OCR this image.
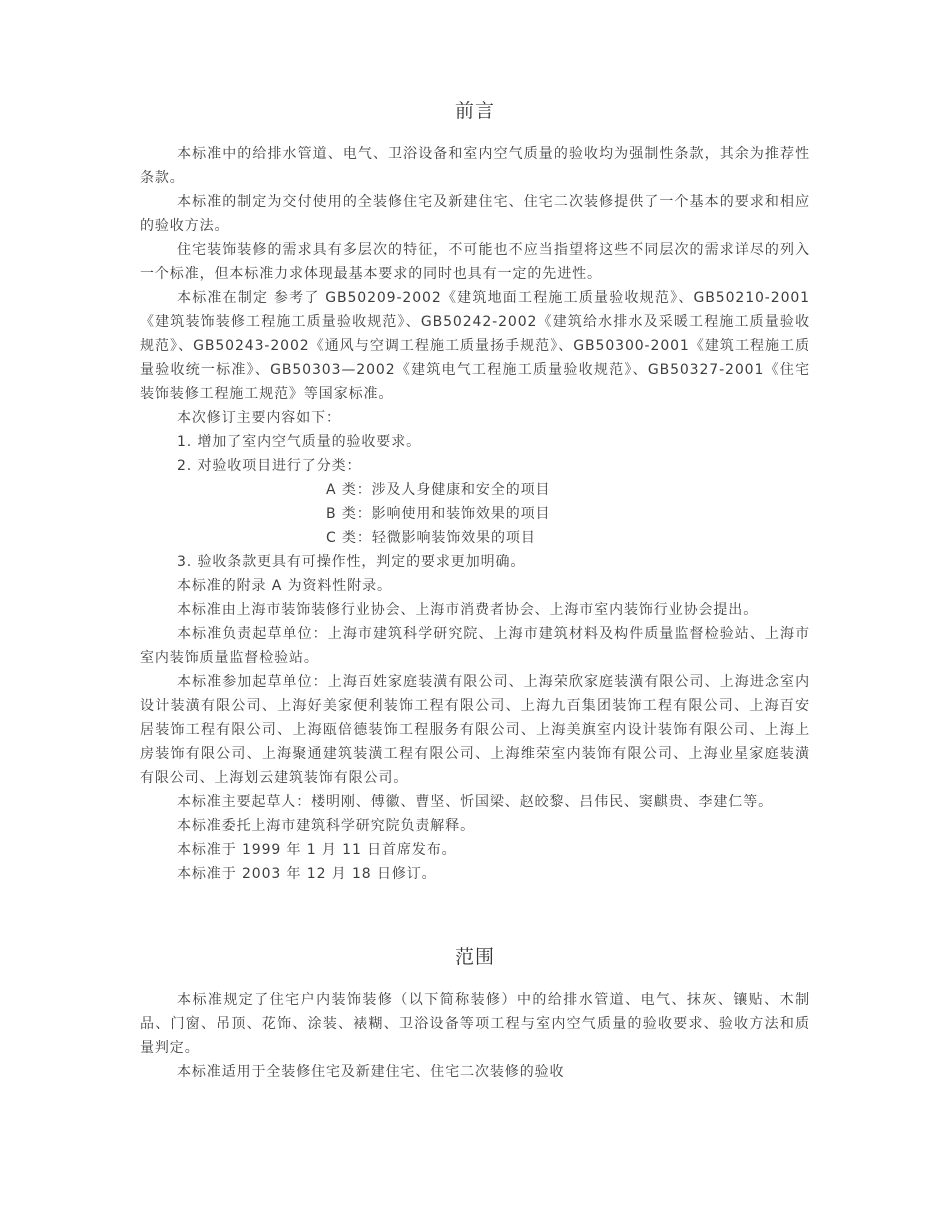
前言

本标准中的给排水管道、电气、卫浴设备和室内空气质量的验收均为强制性条款，其余为推荐性条款。

本标准的制定为交付使用的全装修住宅及新建住宅、住宅二次装修提供了一个基本的要求和相应的验收方法。

住宅装饰装修的需求具有多层次的特征，不可能也不应当指望将这些不同层次的需求详尽的列入一个标准，但本标准力求体现最基本要求的同时也具有一定的先进性。

本标准在制定 参考了 GB50209-2002《建筑地面工程施工质量验收规范》、GB50210-2001《建筑装饰装修工程施工质量验收规范》、GB50242-2002《建筑给水排水及采暖工程施工质量验收规范》、GB50243-2002《通风与空调工程施工质量扬手规范》、GB50300-2001《建筑工程施工质量验收统一标准》、GB50303—2002《建筑电气工程施工质量验收规范》、GB50327-2001《住宅装饰装修工程施工规范》等国家标准。

本次修订主要内容如下：

1. 增加了室内空气质量的验收要求。

2. 对验收项目进行了分类：

A 类：涉及人身健康和安全的项目

B 类：影响使用和装饰效果的项目

C 类：轻微影响装饰效果的项目

3. 验收条款更具有可操作性，判定的要求更加明确。

本标准的附录 A 为资料性附录。

本标准由上海市装饰装修行业协会、上海市消费者协会、上海市室内装饰行业协会提出。

本标准负责起草单位：上海市建筑科学研究院、上海市建筑材料及构件质量监督检验站、上海市室内装饰质量监督检验站。

本标准参加起草单位：上海百姓家庭装潢有限公司、上海荣欣家庭装潢有限公司、上海进念室内设计装潢有限公司、上海好美家便利装饰工程有限公司、上海九百集团装饰工程有限公司、上海百安居装饰工程有限公司、上海瓯倍德装饰工程服务有限公司、上海美旗室内设计装饰有限公司、上海上房装饰有限公司、上海聚通建筑装潢工程有限公司、上海维荣室内装饰有限公司、上海业星家庭装潢有限公司、上海划云建筑装饰有限公司。

本标准主要起草人：楼明刚、傅徽、曹坚、忻国梁、赵皎黎、吕伟民、窦麒贵、李建仁等。

本标准委托上海市建筑科学研究院负责解释。

本标准于 1999 年 1 月 11 日首席发布。

本标准于 2003 年 12 月 18 日修订。

范围

本标准规定了住宅户内装饰装修（以下简称装修）中的给排水管道、电气、抹灰、镶贴、木制品、门窗、吊顶、花饰、涂装、裱糊、卫浴设备等项工程与室内空气质量的验收要求、验收方法和质量判定。

本标准适用于全装修住宅及新建住宅、住宅二次装修的验收
